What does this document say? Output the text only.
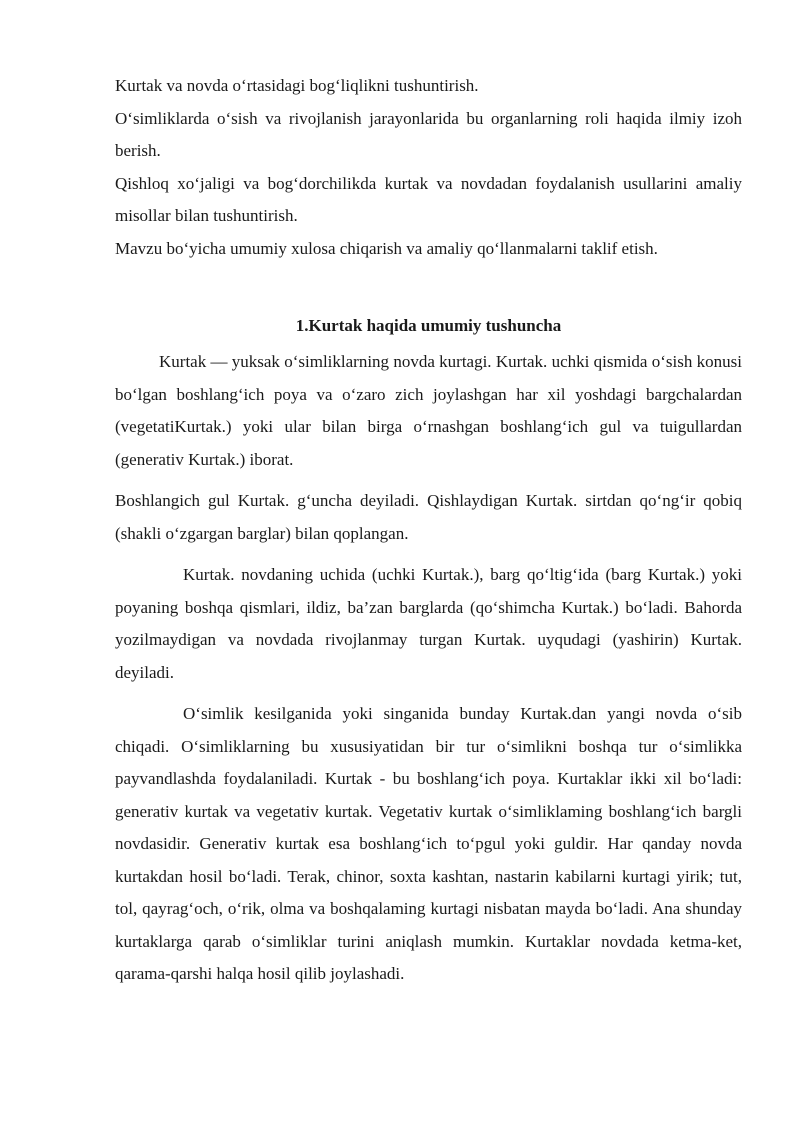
Kurtak va novda o‘rtasidagi bog‘liqlikni tushuntirish.

O‘simliklarda o‘sish va rivojlanish jarayonlarida bu organlarning roli haqida ilmiy izoh berish.

Qishloq xo‘jaligi va bog‘dorchilikda kurtak va novdadan foydalanish usullarini amaliy misollar bilan tushuntirish.

Mavzu bo‘yicha umumiy xulosa chiqarish va amaliy qo‘llanmalarni taklif etish.

1.Kurtak haqida umumiy tushuncha

Kurtak — yuksak o‘simliklarning novda kurtagi. Kurtak. uchki qismida o‘sish konusi bo‘lgan boshlang‘ich poya va o‘zaro zich joylashgan har xil yoshdagi bargchalardan (vegetatiKurtak.) yoki ular bilan birga o‘rnashgan boshlang‘ich gul va tuigullardan (generativ Kurtak.) iborat.

Boshlangich gul Kurtak. g‘uncha deyiladi. Qishlaydigan Kurtak. sirtdan qo‘ng‘ir qobiq (shakli o‘zgargan barglar) bilan qoplangan.

Kurtak. novdaning uchida (uchki Kurtak.), barg qo‘ltig‘ida (barg Kurtak.) yoki poyaning boshqa qismlari, ildiz, ba’zan barglarda (qo‘shimcha Kurtak.) bo‘ladi. Bahorda yozilmaydigan va novdada rivojlanmay turgan Kurtak. uyqudagi (yashirin) Kurtak. deyiladi.

O‘simlik kesilganida yoki singanida bunday Kurtak.dan yangi novda o‘sib chiqadi. O‘simliklarning bu xususiyatidan bir tur o‘simlikni boshqa tur o‘simlikka payvandlashda foydalaniladi. Kurtak - bu boshlang‘ich poya. Kurtaklar ikki xil bo‘ladi: generativ kurtak va vegetativ kurtak. Vegetativ kurtak o‘simliklaming boshlang‘ich bargli novdasidir. Generativ kurtak esa boshlang‘ich to‘pgul yoki guldir. Har qanday novda kurtakdan hosil bo‘ladi. Terak, chinor, soxta kashtan, nastarin kabilarni kurtagi yirik; tut, tol, qayrag‘och, o‘rik, olma va boshqalaming kurtagi nisbatan mayda bo‘ladi. Ana shunday kurtaklarga qarab o‘simliklar turini aniqlash mumkin. Kurtaklar novdada ketma-ket, qarama-qarshi halqa hosil qilib joylashadi.
